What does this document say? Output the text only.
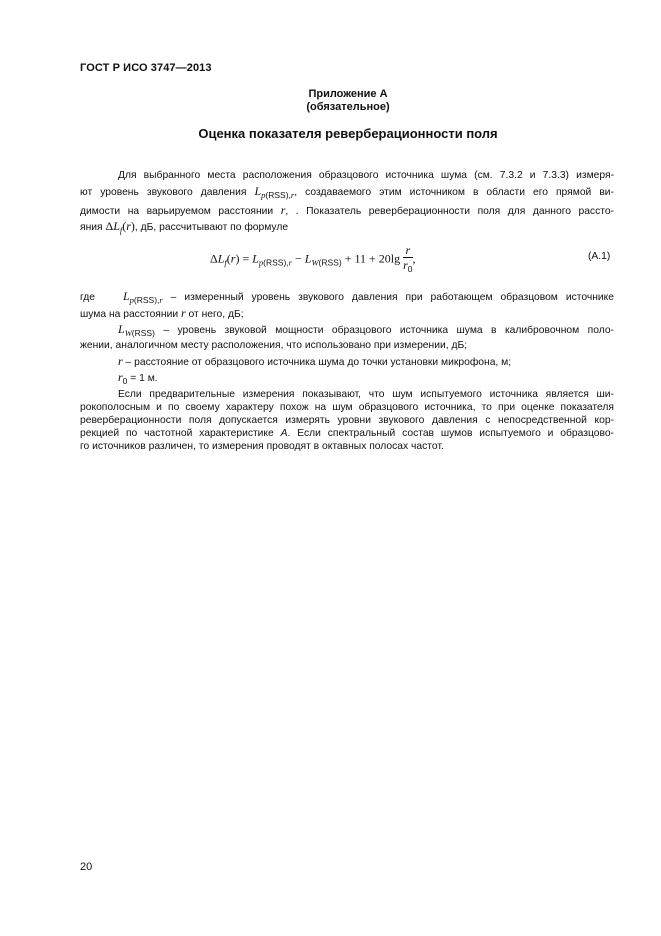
ГОСТ Р ИСО 3747—2013
Приложение А
(обязательное)
Оценка показателя реверберационности поля
Для выбранного места расположения образцового источника шума (см. 7.3.2 и 7.3.3) измеря-
ют уровень звукового давления $L_{p(RSS),r}$, создаваемого этим источником в области его прямой ви-
димости на варьируемом расстоянии r, . Показатель реверберационности поля для данного рассто-
яния $\Delta L_f(r)$, дБ, рассчитывают по формуле
$\Delta L_f(r) = L_{p(RSS),r} - L_{W(RSS)} + 11 + 20\lg \frac{r}{r_0}$ ,	(А.1)
где $L_{p(RSS),r}$ – измеренный уровень звукового давления при работающем образцовом источнике
шума на расстоянии r от него, дБ;
$L_{W(RSS)}$ – уровень звуковой мощности образцового источника шума в калибровочном поло-
жении, аналогичном месту расположения, что использовано при измерении, дБ;
r – расстояние от образцового источника шума до точки установки микрофона, м;
$r_0 = 1$ м.
Если предварительные измерения показывают, что шум испытуемого источника является ши-
рокополосным и по своему характеру похож на шум образцового источника, то при оценке показателя
реверберационности поля допускается измерять уровни звукового давления с непосредственной кор-
рекцией по частотной характеристике A. Если спектральный состав шумов испытуемого и образцово-
го источников различен, то измерения проводят в октавных полосах частот.
20
